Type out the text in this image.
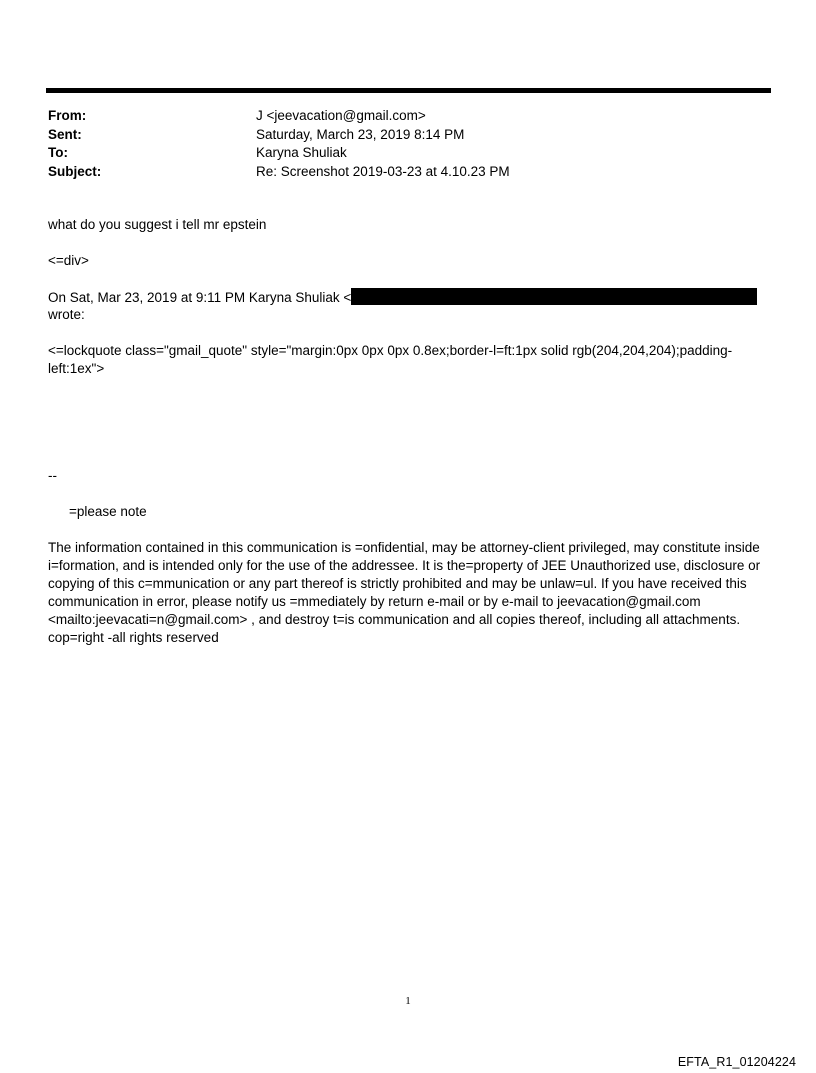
From:	J <jeevacation@gmail.com>
Sent:	Saturday, March 23, 2019 8:14 PM
To:	Karyna Shuliak
Subject:	Re: Screenshot 2019-03-23 at 4.10.23 PM
what do you suggest i tell mr epstein
<=div>
On Sat, Mar 23, 2019 at 9:11 PM Karyna Shuliak <
wrote:
<=lockquote class="gmail_quote" style="margin:0px 0px 0px 0.8ex;border-l=ft:1px solid rgb(204,204,204);padding-
left:1ex">
--
=please note
The information contained in this communication is =onfidential, may be attorney-client privileged, may constitute inside i=formation, and is intended only for the use of the addressee. It is the=property of JEE Unauthorized use, disclosure or copying of this c=mmunication or any part thereof is strictly prohibited and may be unlaw=ul. If you have received this communication in error, please notify us =mmediately by return e-mail or by e-mail to jeevacation@gmail.com <mailto:jeevacati=n@gmail.com> , and destroy t=is communication and all copies thereof, including all attachments. cop=right -all rights reserved
1
EFTA_R1_01204224
